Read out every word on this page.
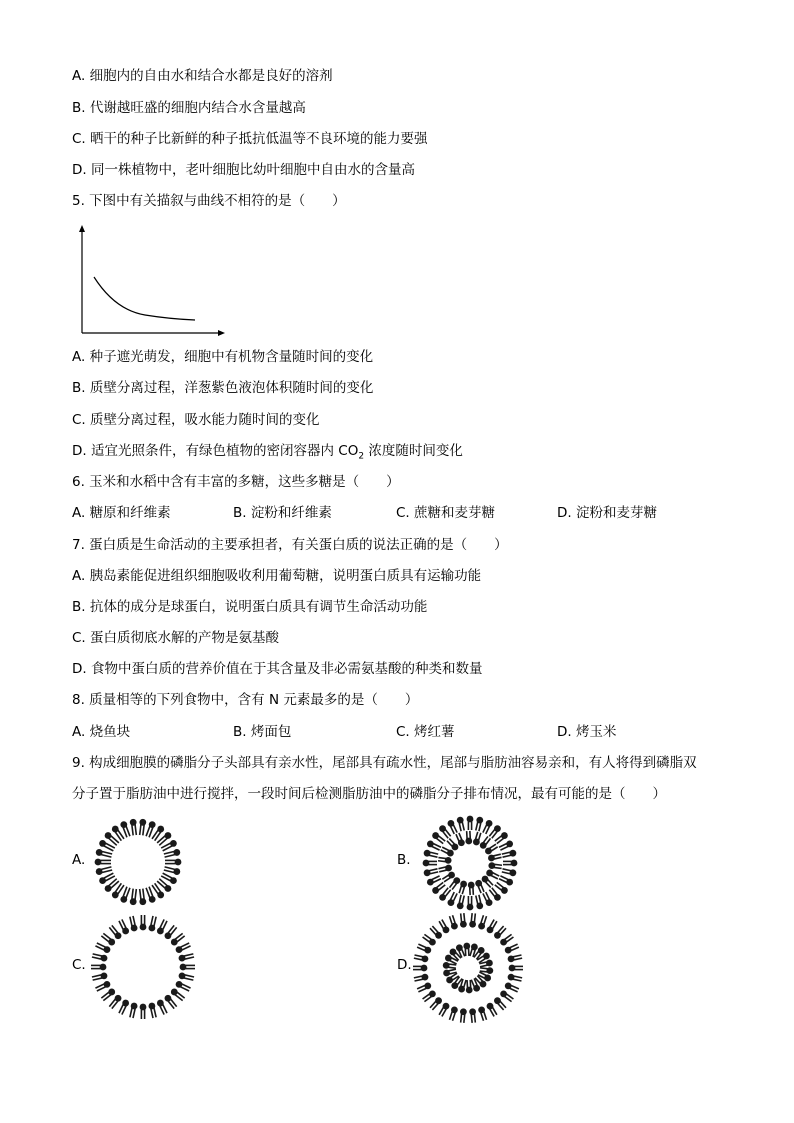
A. 细胞内的自由水和结合水都是良好的溶剂
B. 代谢越旺盛的细胞内结合水含量越高
C. 晒干的种子比新鲜的种子抵抗低温等不良环境的能力要强
D. 同一株植物中，老叶细胞比幼叶细胞中自由水的含量高
5. 下图中有关描叙与曲线不相符的是（　　）
A. 种子遮光萌发，细胞中有机物含量随时间的变化
B. 质壁分离过程，洋葱紫色液泡体积随时间的变化
C. 质壁分离过程，吸水能力随时间的变化
D. 适宜光照条件，有绿色植物的密闭容器内 $CO_2$ 浓度随时间变化
6. 玉米和水稻中含有丰富的多糖，这些多糖是（　　）
A. 糖原和纤维素	B. 淀粉和纤维素	C. 蔗糖和麦芽糖	D. 淀粉和麦芽糖
7. 蛋白质是生命活动的主要承担者，有关蛋白质的说法正确的是（　　）
A. 胰岛素能促进组织细胞吸收利用葡萄糖，说明蛋白质具有运输功能
B. 抗体的成分是球蛋白，说明蛋白质具有调节生命活动功能
C. 蛋白质彻底水解的产物是氨基酸
D. 食物中蛋白质的营养价值在于其含量及非必需氨基酸的种类和数量
8. 质量相等的下列食物中，含有 N 元素最多的是（　　）
A. 烧鱼块	B. 烤面包	C. 烤红薯	D. 烤玉米
9. 构成细胞膜的磷脂分子头部具有亲水性，尾部具有疏水性，尾部与脂肪油容易亲和，有人将得到磷脂双
分子置于脂肪油中进行搅拌，一段时间后检测脂肪油中的磷脂分子排布情况，最有可能的是（　　）
A.	B.
C.	D.
